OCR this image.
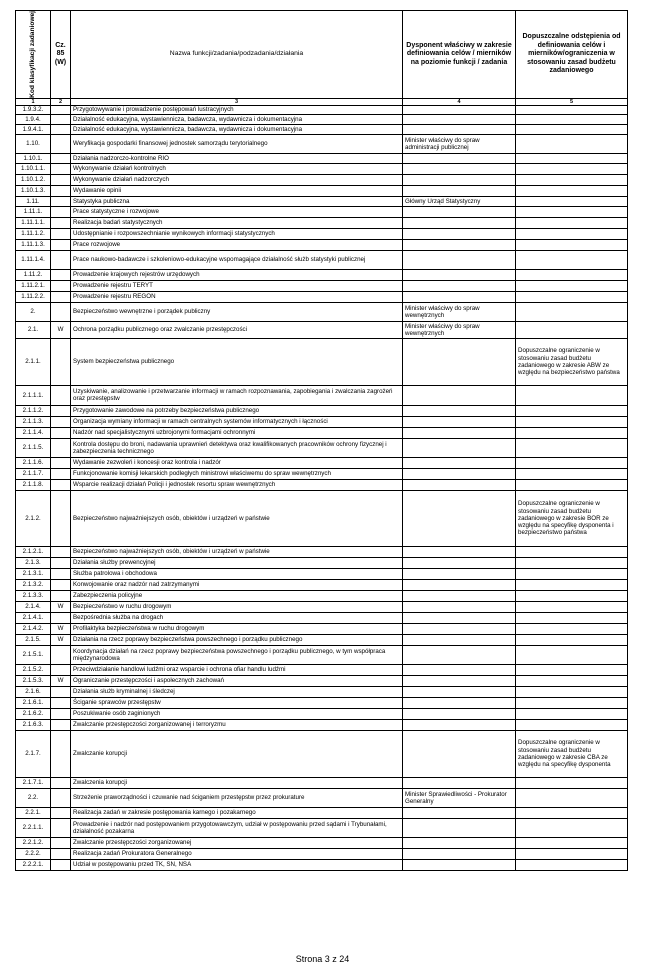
Kod klasyfikacji zadaniowej	Cz. 85 (W)	Nazwa funkcji/zadania/podzadania/działania	Dysponent właściwy w zakresie definiowania celów / mierników na poziomie funkcji / zadania	Dopuszczalne odstępienia od definiowania celów i mierników/ograniczenia w stosowaniu zasad budżetu zadaniowego
1	2	3	4	5
1.9.3.2.		Przygotowywanie i prowadzenie postępowań lustracyjnych		
1.9.4.		Działalność edukacyjna, wystawiennicza, badawcza, wydawnicza i dokumentacyjna		
1.9.4.1.		Działalność edukacyjna, wystawiennicza, badawcza, wydawnicza i dokumentacyjna		
1.10.		Weryfikacja gospodarki finansowej jednostek samorządu terytorialnego	Minister właściwy do spraw administracji publicznej	
1.10.1.		Działania nadzorczo-kontrolne RIO		
1.10.1.1.		Wykonywanie działań kontrolnych		
1.10.1.2.		Wykonywanie działań nadzorczych		
1.10.1.3.		Wydawanie opinii		
1.11.		Statystyka publiczna	Główny Urząd Statystyczny	
1.11.1.		Prace statystyczne i rozwojowe		
1.11.1.1.		Realizacja badań statystycznych		
1.11.1.2.		Udostępnianie i rozpowszechnianie wynikowych informacji statystycznych		
1.11.1.3.		Prace rozwojowe		
1.11.1.4.		Prace naukowo-badawcze i szkoleniowo-edukacyjne wspomagające działalność służb statystyki publicznej		
1.11.2.		Prowadzenie krajowych rejestrów urzędowych		
1.11.2.1.		Prowadzenie rejestru TERYT		
1.11.2.2.		Prowadzenie rejestru REGON		
2.		Bezpieczeństwo wewnętrzne i porządek publiczny	Minister właściwy do spraw wewnętrznych	
2.1.	W	Ochrona porządku publicznego oraz zwalczanie przestępczości	Minister właściwy do spraw wewnętrznych	
2.1.1.		System bezpieczeństwa publicznego		Dopuszczalne ograniczenie w stosowaniu zasad budżetu zadaniowego w zakresie ABW ze względu na bezpieczeństwo państwa
2.1.1.1.		Uzyskiwanie, analizowanie i przetwarzanie informacji w ramach rozpoznawania, zapobiegania i zwalczania zagrożeń oraz przestępstw		
2.1.1.2.		Przygotowanie zawodowe na potrzeby bezpieczeństwa publicznego		
2.1.1.3.		Organizacja wymiany informacji w ramach centralnych systemów informatycznych i łączności		
2.1.1.4.		Nadzór nad specjalistycznymi uzbrojonymi formacjami ochronnymi		
2.1.1.5.		Kontrola dostępu do broni, nadawania uprawnień detektywa oraz kwalifikowanych pracowników ochrony fizycznej i zabezpieczenia technicznego		
2.1.1.6.		Wydawanie zezwoleń i koncesji oraz kontrola i nadzór		
2.1.1.7.		Funkcjonowanie komisji lekarskich podległych ministrowi właściwemu do spraw wewnętrznych		
2.1.1.8.		Wsparcie realizacji działań Policji i jednostek resortu spraw wewnętrznych		
2.1.2.		Bezpieczeństwo najważniejszych osób, obiektów i urządzeń w państwie		Dopuszczalne ograniczenie w stosowaniu zasad budżetu zadaniowego w zakresie BOR ze względu na specyfikę dysponenta i bezpieczeństwo państwa
2.1.2.1.		Bezpieczeństwo najważniejszych osób, obiektów i urządzeń w państwie		
2.1.3.		Działania służby prewencyjnej		
2.1.3.1.		Służba patrolowa i obchodowa		
2.1.3.2.		Konwojowanie oraz nadzór nad zatrzymanymi		
2.1.3.3.		Zabezpieczenia policyjne		
2.1.4.	W	Bezpieczeństwo w ruchu drogowym		
2.1.4.1.		Bezpośrednia służba na drogach		
2.1.4.2.	W	Profilaktyka bezpieczeństwa w ruchu drogowym		
2.1.5.	W	Działania na rzecz poprawy bezpieczeństwa powszechnego i porządku publicznego		
2.1.5.1.		Koordynacja działań na rzecz poprawy bezpieczeństwa powszechnego i porządku publicznego, w tym współpraca międzynarodowa		
2.1.5.2.		Przeciwdziałanie handlowi ludźmi oraz wsparcie i ochrona ofiar handlu ludźmi		
2.1.5.3.	W	Ograniczanie przestępczości i aspołecznych zachowań		
2.1.6.		Działania służb kryminalnej i śledczej		
2.1.6.1.		Ściganie sprawców przestępstw		
2.1.6.2.		Poszukiwanie osób zaginionych		
2.1.6.3.		Zwalczanie przestępczości zorganizowanej i terroryzmu		
2.1.7.		Zwalczanie korupcji		Dopuszczalne ograniczenie w stosowaniu zasad budżetu zadaniowego w zakresie CBA ze względu na specyfikę dysponenta
2.1.7.1.		Zwalczenia korupcji		
2.2.		Strzeżenie praworządności i czuwanie nad ściganiem przestępstw przez prokurature	Minister Sprawiedliwości - Prokurator Generalny	
2.2.1.		Realizacja zadań w zakresie postępowania karnego i pozakarnego		
2.2.1.1.		Prowadzenie i nadzór nad postępowaniem przygotowawczym, udział w postępowaniu przed sądami i Trybunałami, działalność pozakarna		
2.2.1.2.		Zwalczanie przestępczości zorganizowanej		
2.2.2.		Realizacja zadań Prokuratora Generalnego		
2.2.2.1.		Udział w postępowaniu przed TK, SN, NSA		
Strona 3 z 24
